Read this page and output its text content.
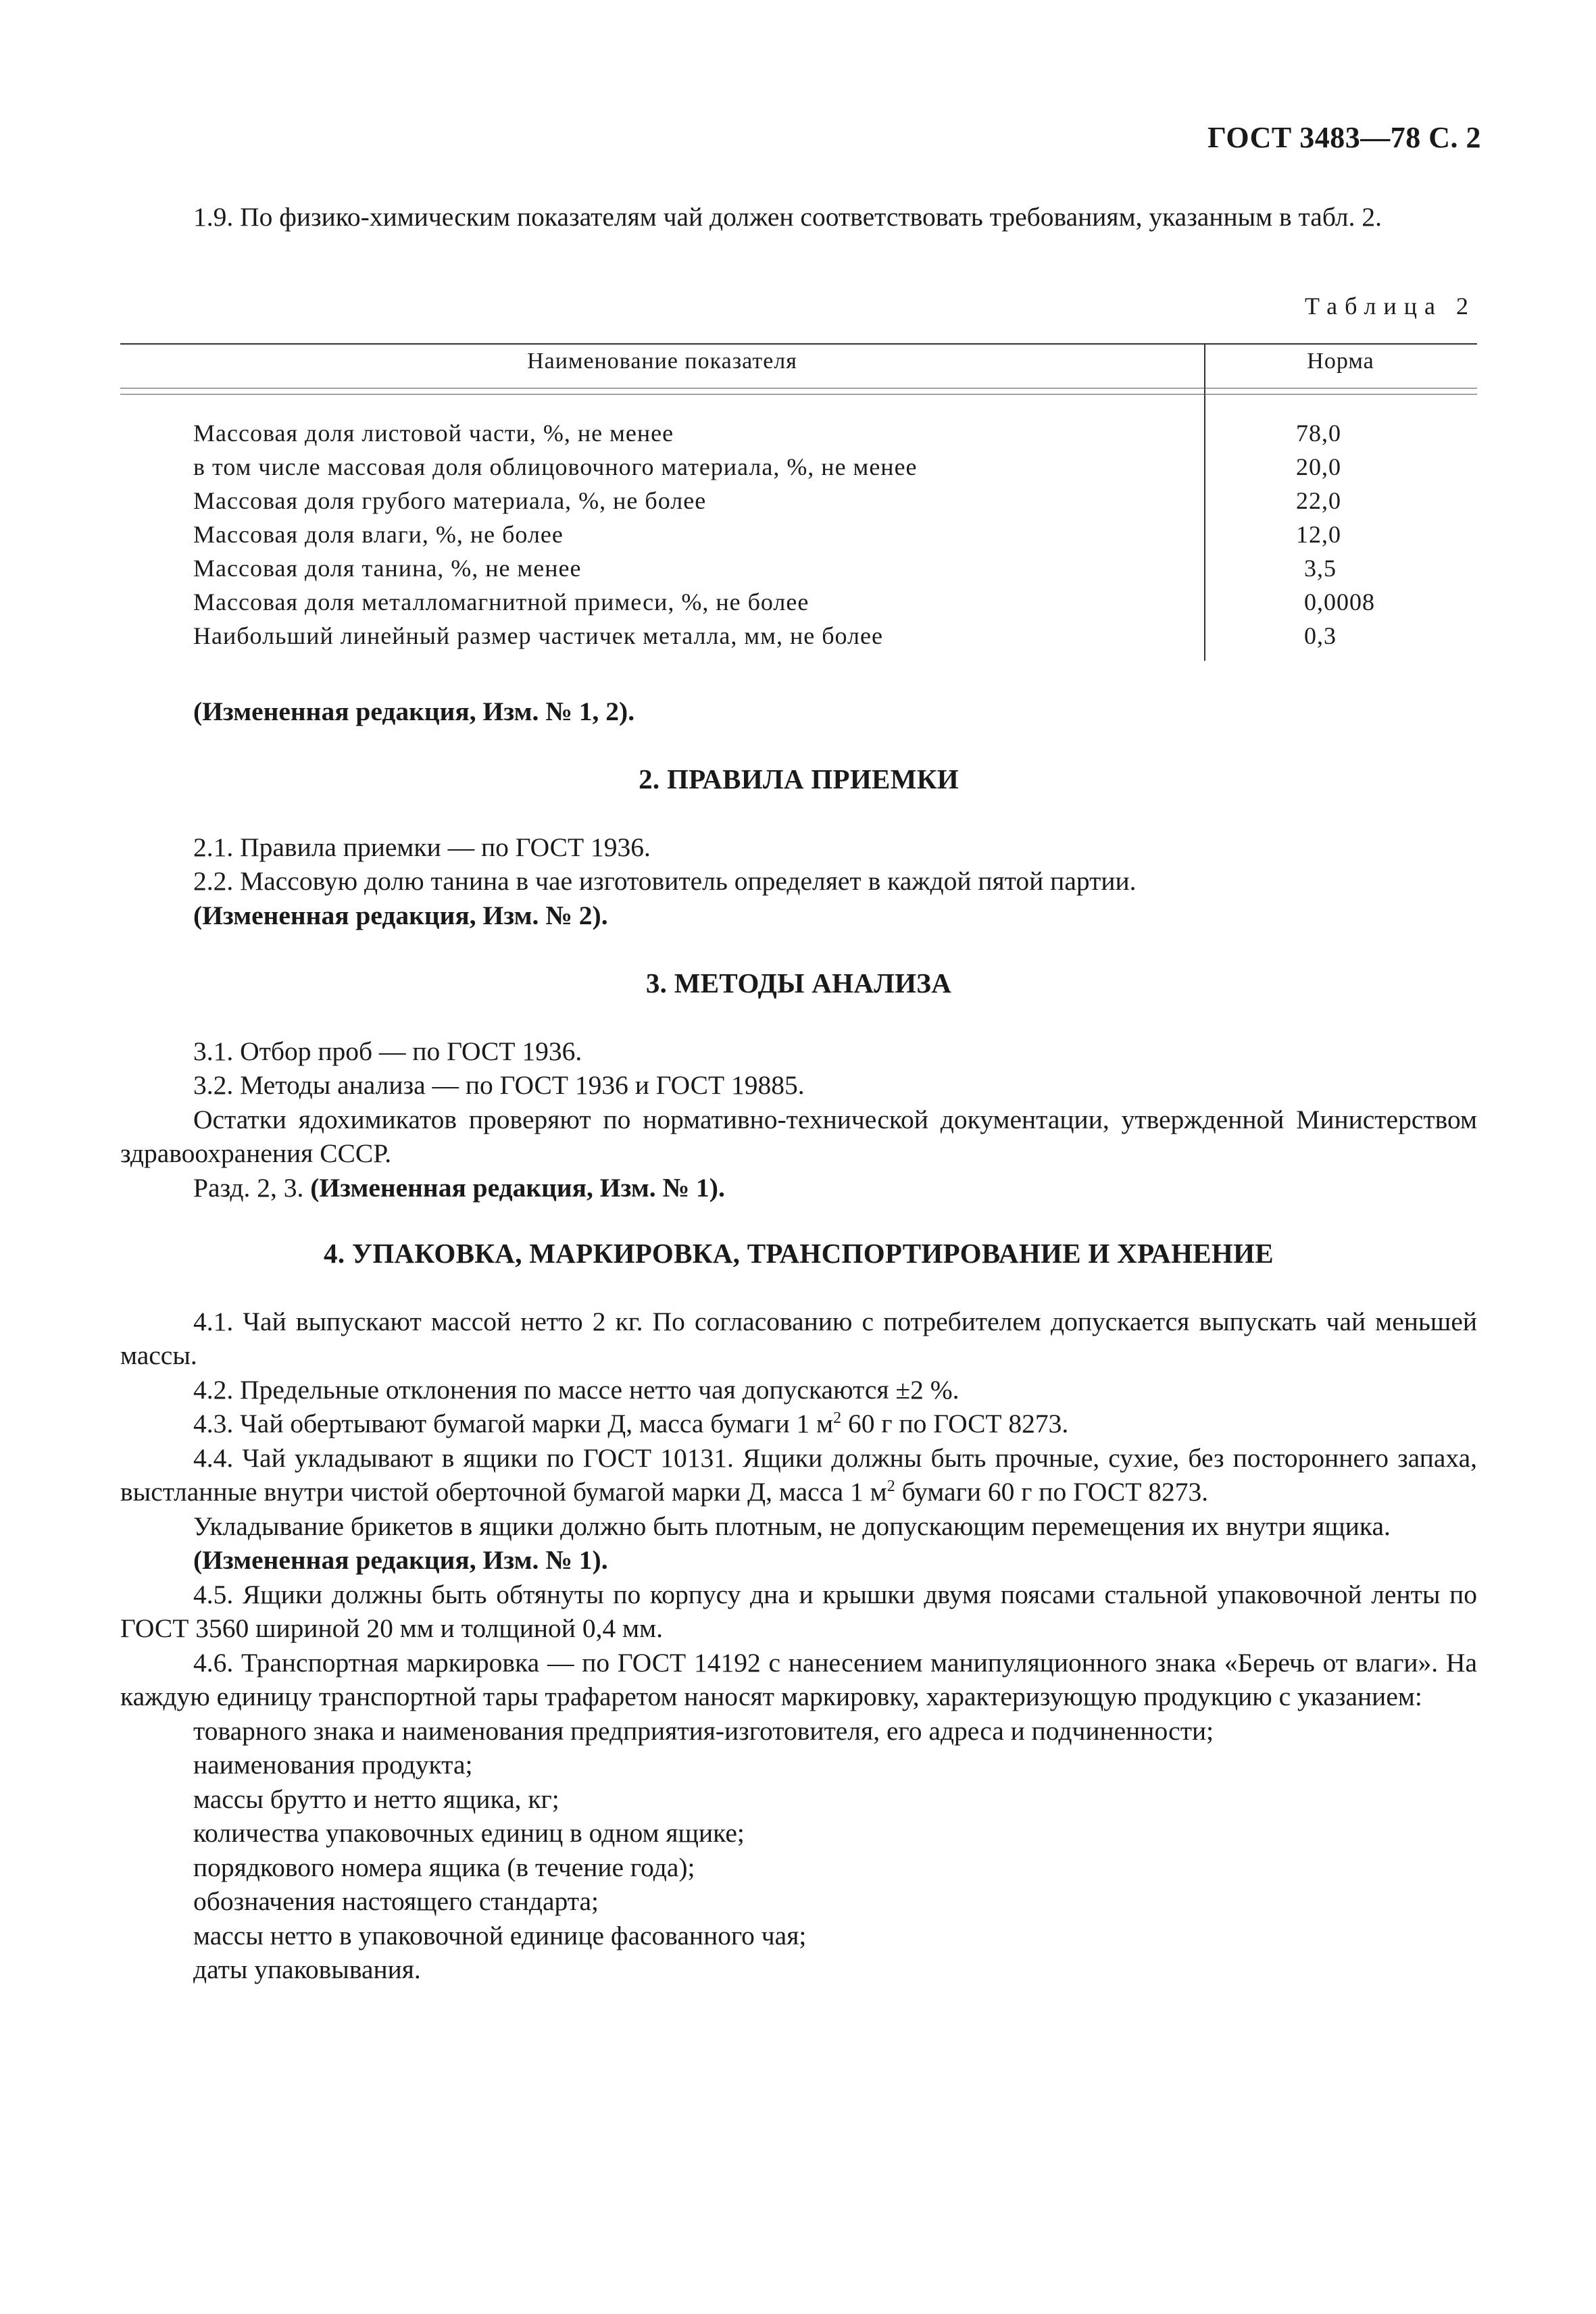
ГОСТ 3483—78 С. 2

1.9. По физико-химическим показателям чай должен соответствовать требованиям, указанным в табл. 2.

Таблица 2
Наименование показателя	Норма
Массовая доля листовой части, %, не менее	78,0
в том числе массовая доля облицовочного материала, %, не менее	20,0
Массовая доля грубого материала, %, не более	22,0
Массовая доля влаги, %, не более	12,0
Массовая доля танина, %, не менее	3,5
Массовая доля металломагнитной примеси, %, не более	0,0008
Наибольший линейный размер частичек металла, мм, не более	0,3

(Измененная редакция, Изм. № 1, 2).

2. ПРАВИЛА ПРИЕМКИ

2.1. Правила приемки — по ГОСТ 1936.

2.2. Массовую долю танина в чае изготовитель определяет в каждой пятой партии.

(Измененная редакция, Изм. № 2).

3. МЕТОДЫ АНАЛИЗА

3.1. Отбор проб — по ГОСТ 1936.

3.2. Методы анализа — по ГОСТ 1936 и ГОСТ 19885.

Остатки ядохимикатов проверяют по нормативно-технической документации, утвержденной Министерством здравоохранения СССР.

Разд. 2, 3. (Измененная редакция, Изм. № 1).

4. УПАКОВКА, МАРКИРОВКА, ТРАНСПОРТИРОВАНИЕ И ХРАНЕНИЕ

4.1. Чай выпускают массой нетто 2 кг. По согласованию с потребителем допускается выпускать чай меньшей массы.

4.2. Предельные отклонения по массе нетто чая допускаются ±2 %.

4.3. Чай обертывают бумагой марки Д, масса бумаги 1 $м^2$ 60 г по ГОСТ 8273.

4.4. Чай укладывают в ящики по ГОСТ 10131. Ящики должны быть прочные, сухие, без постороннего запаха, выстланные внутри чистой оберточной бумагой марки Д, масса 1 $м^2$ бумаги 60 г по ГОСТ 8273.

Укладывание брикетов в ящики должно быть плотным, не допускающим перемещения их внутри ящика.

(Измененная редакция, Изм. № 1).

4.5. Ящики должны быть обтянуты по корпусу дна и крышки двумя поясами стальной упаковочной ленты по ГОСТ 3560 шириной 20 мм и толщиной 0,4 мм.

4.6. Транспортная маркировка — по ГОСТ 14192 с нанесением манипуляционного знака «Беречь от влаги». На каждую единицу транспортной тары трафаретом наносят маркировку, характеризующую продукцию с указанием:

товарного знака и наименования предприятия-изготовителя, его адреса и подчиненности;

наименования продукта;

массы брутто и нетто ящика, кг;

количества упаковочных единиц в одном ящике;

порядкового номера ящика (в течение года);

обозначения настоящего стандарта;

массы нетто в упаковочной единице фасованного чая;

даты упаковывания.
